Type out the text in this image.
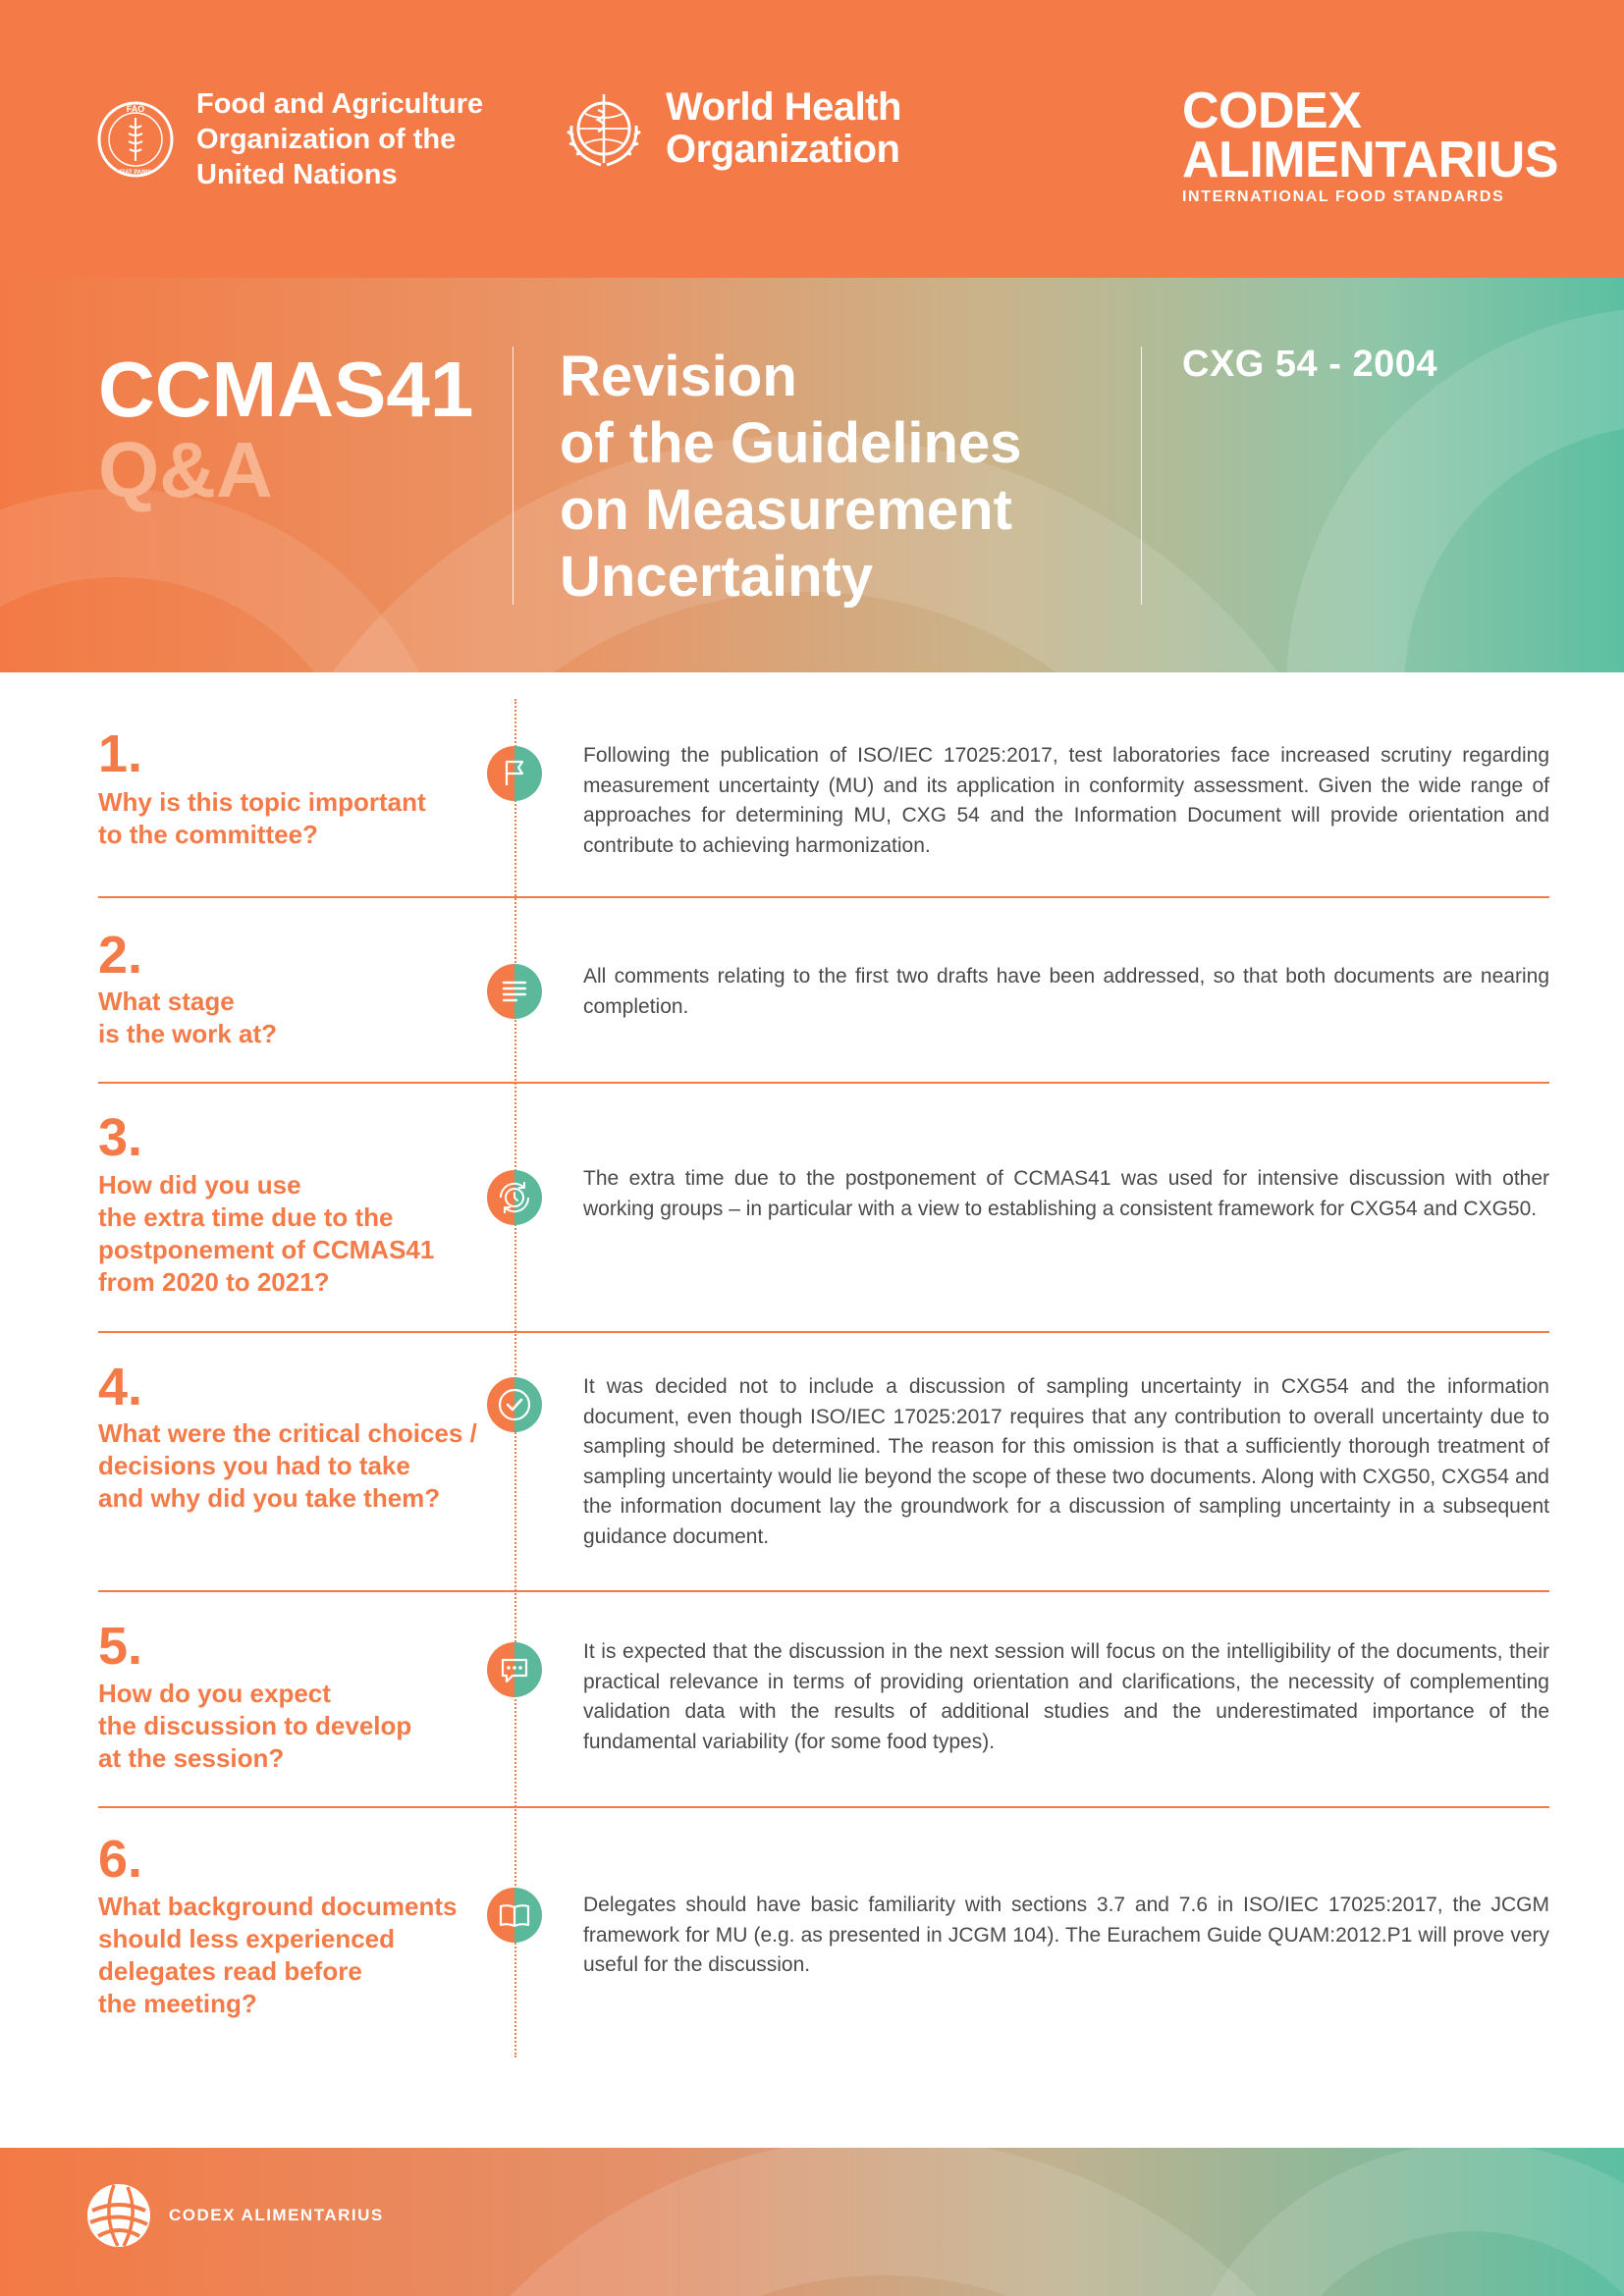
FAO
FIAT PANIS
Food and Agriculture
Organization of the
United Nations
World Health
Organization
CODEX
ALIMENTARIUS
INTERNATIONAL FOOD STANDARDS
CCMAS41
Q&A
Revision
of the Guidelines
on Measurement
Uncertainty
CXG 54 - 2004
1.
Why is this topic important
to the committee?
Following the publication of ISO/IEC 17025:2017, test laboratories face increased scrutiny regarding measurement uncertainty (MU) and its application in conformity assessment. Given the wide range of approaches for determining MU, CXG 54 and the Information Document will provide orientation and contribute to achieving harmonization.
2.
What stage
is the work at?
All comments relating to the first two drafts have been addressed, so that both documents are nearing completion.
3.
How did you use
the extra time due to the
postponement of CCMAS41
from 2020 to 2021?
The extra time due to the postponement of CCMAS41 was used for intensive discussion with other working groups – in particular with a view to establishing a consistent framework for CXG54 and CXG50.
4.
What were the critical choices /
decisions you had to take
and why did you take them?
It was decided not to include a discussion of sampling uncertainty in CXG54 and the information document, even though ISO/IEC 17025:2017 requires that any contribution to overall uncertainty due to sampling should be determined. The reason for this omission is that a sufficiently thorough treatment of sampling uncertainty would lie beyond the scope of these two documents. Along with CXG50, CXG54 and the information document lay the groundwork for a discussion of sampling uncertainty in a subsequent guidance document.
5.
How do you expect
the discussion to develop
at the session?
It is expected that the discussion in the next session will focus on the intelligibility of the documents, their practical relevance in terms of providing orientation and clarifications, the necessity of complementing validation data with the results of additional studies and the underestimated importance of the fundamental variability (for some food types).
6.
What background documents
should less experienced
delegates read before
the meeting?
Delegates should have basic familiarity with sections 3.7 and 7.6 in ISO/IEC 17025:2017, the JCGM framework for MU (e.g. as presented in JCGM 104). The Eurachem Guide QUAM:2012.P1 will prove very useful for the discussion.
CODEX ALIMENTARIUS
